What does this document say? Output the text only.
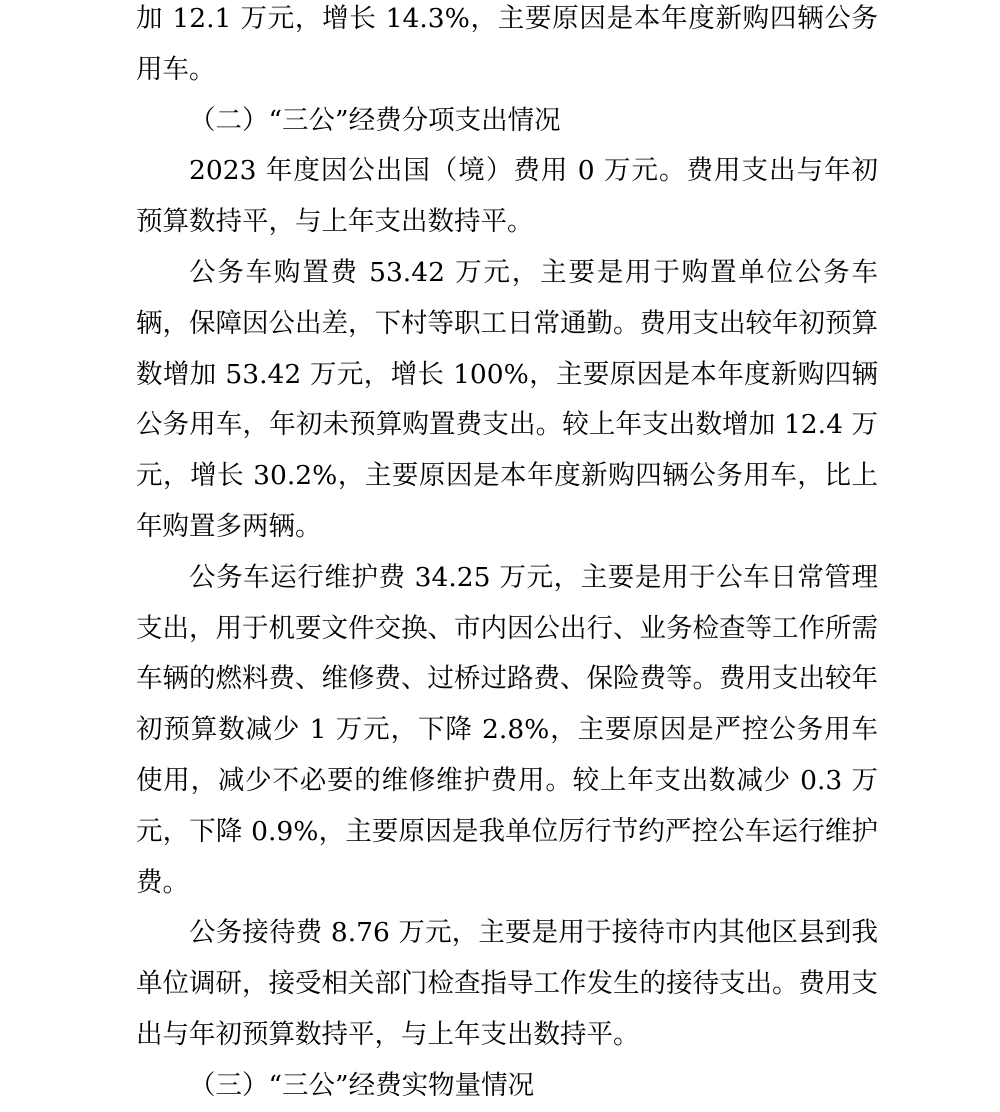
加 12.1 万元，增长 14.3%，主要原因是本年度新购四辆公务用车。

（二）“三公”经费分项支出情况

2023 年度因公出国（境）费用 0 万元。费用支出与年初预算数持平，与上年支出数持平。

公务车购置费 53.42 万元，主要是用于购置单位公务车辆，保障因公出差，下村等职工日常通勤。费用支出较年初预算数增加 53.42 万元，增长 100%，主要原因是本年度新购四辆公务用车，年初未预算购置费支出。较上年支出数增加 12.4 万元，增长 30.2%，主要原因是本年度新购四辆公务用车，比上年购置多两辆。

公务车运行维护费 34.25 万元，主要是用于公车日常管理支出，用于机要文件交换、市内因公出行、业务检查等工作所需车辆的燃料费、维修费、过桥过路费、保险费等。费用支出较年初预算数减少 1 万元，下降 2.8%，主要原因是严控公务用车使用，减少不必要的维修维护费用。较上年支出数减少 0.3 万元，下降 0.9%，主要原因是我单位厉行节约严控公车运行维护费。

公务接待费 8.76 万元，主要是用于接待市内其他区县到我单位调研，接受相关部门检查指导工作发生的接待支出。费用支出与年初预算数持平，与上年支出数持平。

（三）“三公”经费实物量情况
